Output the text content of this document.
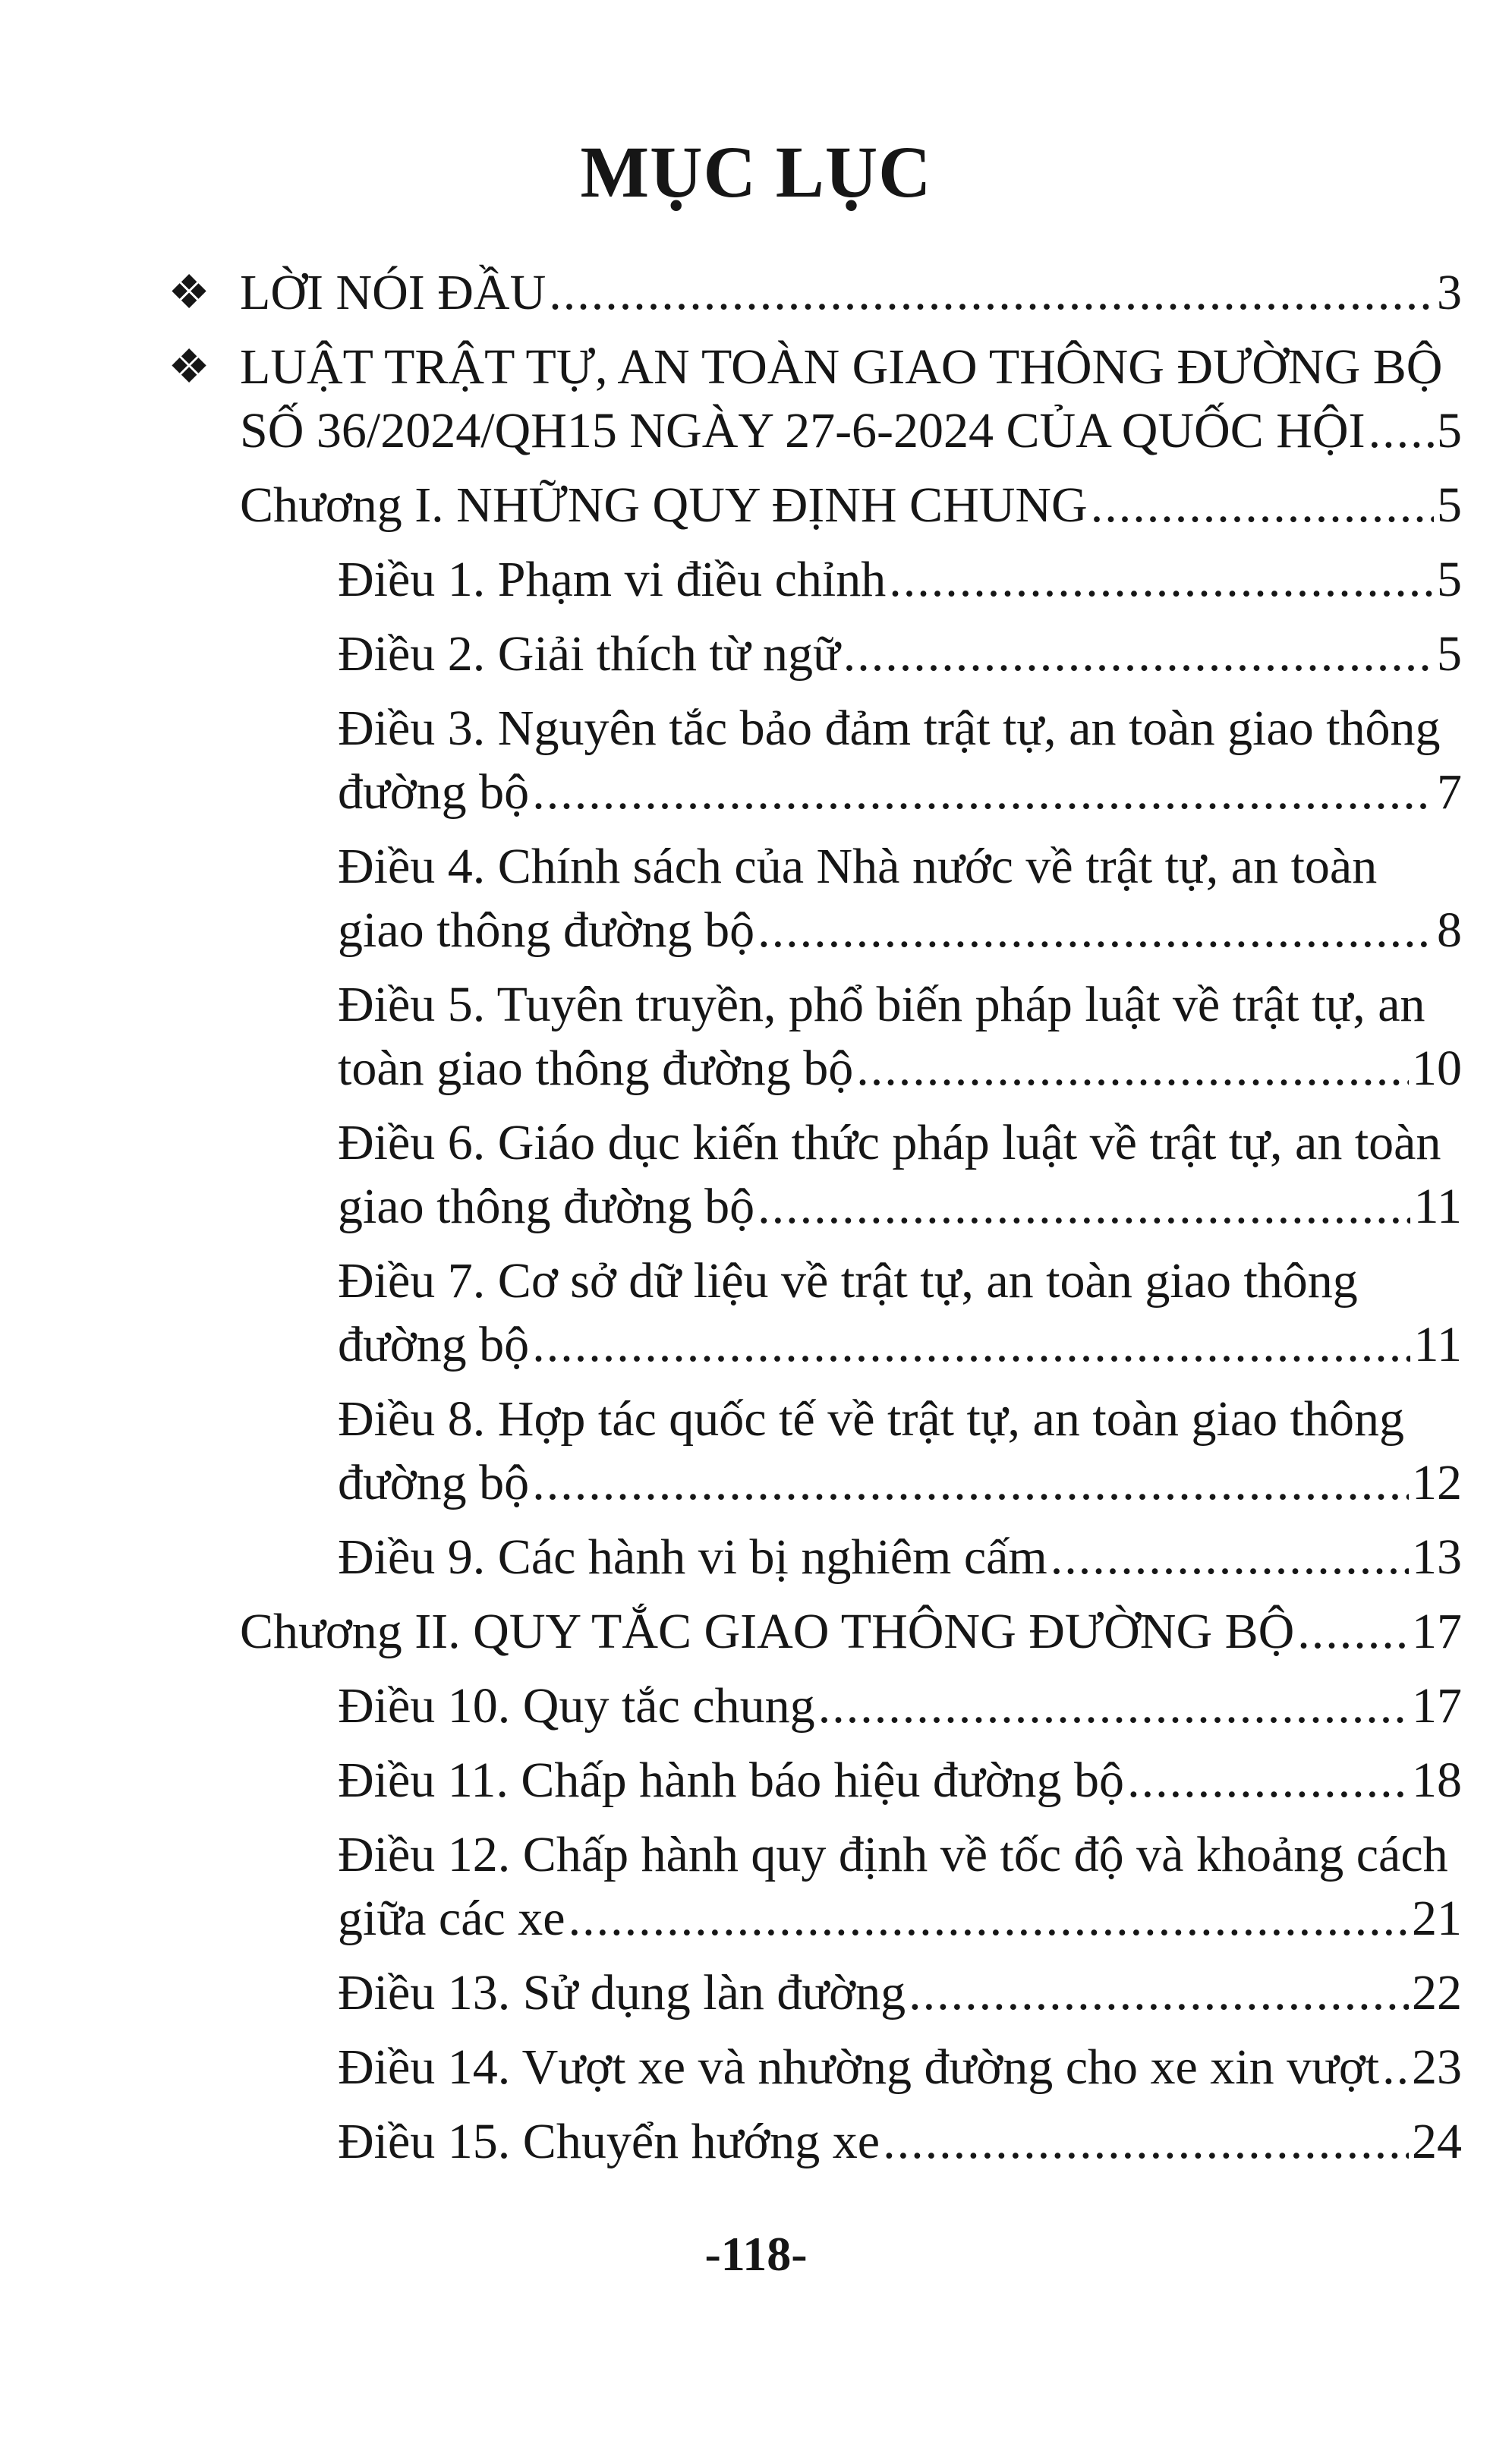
MỤC LỤC
❖ LỜI NÓI ĐẦU .....	3
❖ LUẬT TRẬT TỰ, AN TOÀN GIAO THÔNG ĐƯỜNG BỘ
SỐ 36/2024/QH15 NGÀY 27-6-2024 CỦA QUỐC HỘI ..... 5
Chương I. NHỮNG QUY ĐỊNH CHUNG .....	5
Điều 1. Phạm vi điều chỉnh .....	5
Điều 2. Giải thích từ ngữ .....	5
Điều 3. Nguyên tắc bảo đảm trật tự, an toàn giao thông
đường bộ .....	7
Điều 4. Chính sách của Nhà nước về trật tự, an toàn
giao thông đường bộ .....	8
Điều 5. Tuyên truyền, phổ biến pháp luật về trật tự, an
toàn giao thông đường bộ .....	10
Điều 6. Giáo dục kiến thức pháp luật về trật tự, an toàn
giao thông đường bộ .....	11
Điều 7. Cơ sở dữ liệu về trật tự, an toàn giao thông
đường bộ .....	11
Điều 8. Hợp tác quốc tế về trật tự, an toàn giao thông
đường bộ .....	12
Điều 9. Các hành vi bị nghiêm cấm .....	13
Chương II. QUY TẮC GIAO THÔNG ĐƯỜNG BỘ ..... 17
Điều 10. Quy tắc chung .....	17
Điều 11. Chấp hành báo hiệu đường bộ .....	18
Điều 12. Chấp hành quy định về tốc độ và khoảng cách
giữa các xe .....	21
Điều 13. Sử dụng làn đường .....	22
Điều 14. Vượt xe và nhường đường cho xe xin vượt ..... 23
Điều 15. Chuyển hướng xe .....	24
-118-
